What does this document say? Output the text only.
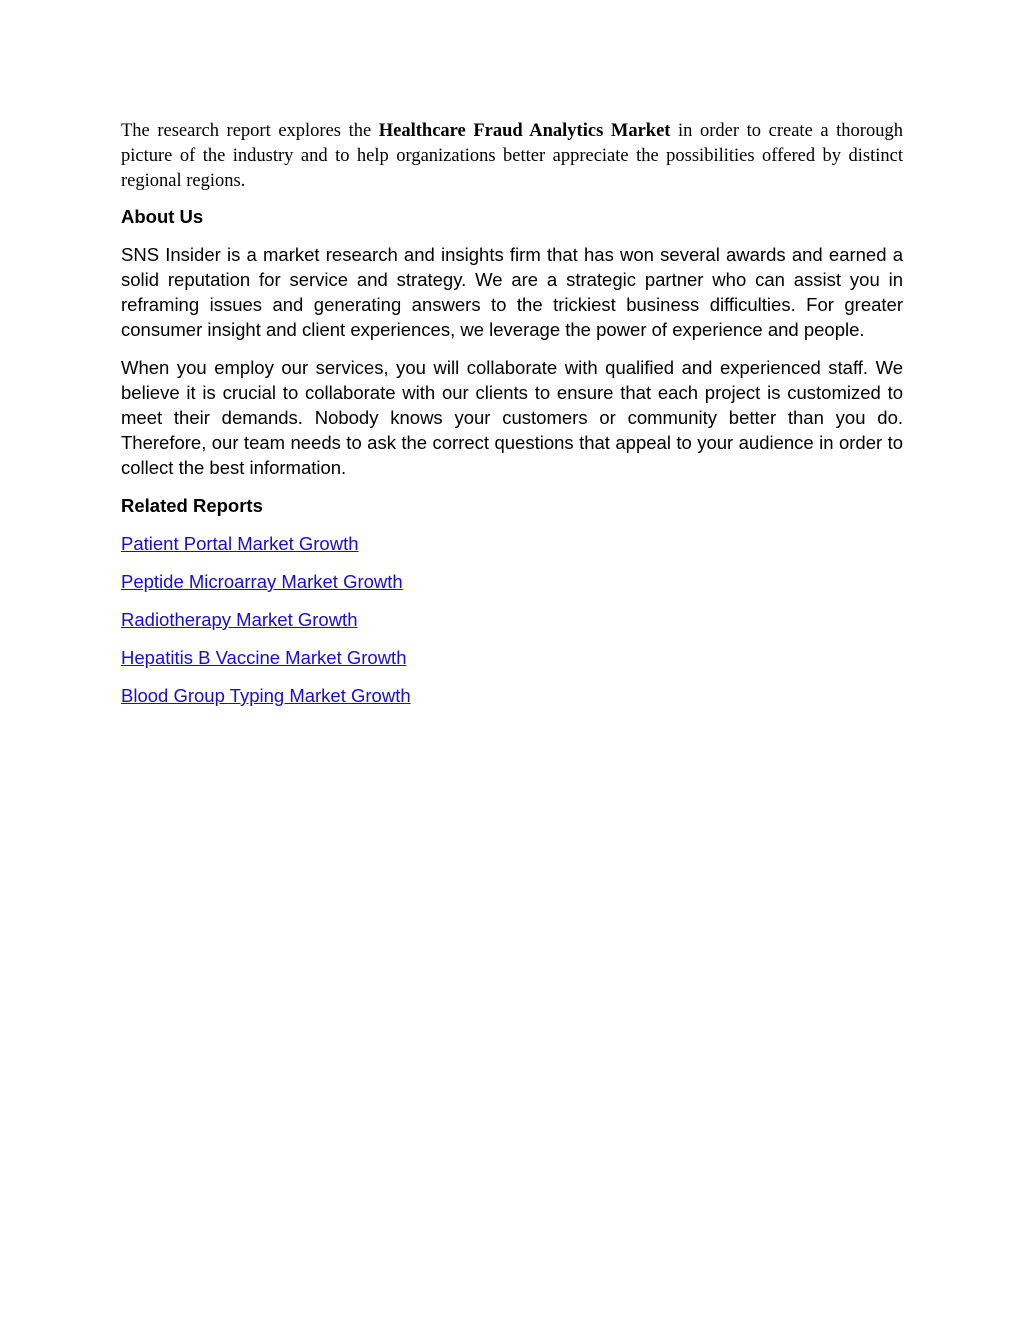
The research report explores the Healthcare Fraud Analytics Market in order to create a thorough picture of the industry and to help organizations better appreciate the possibilities offered by distinct regional regions.

About Us

SNS Insider is a market research and insights firm that has won several awards and earned a solid reputation for service and strategy. We are a strategic partner who can assist you in reframing issues and generating answers to the trickiest business difficulties. For greater consumer insight and client experiences, we leverage the power of experience and people.

When you employ our services, you will collaborate with qualified and experienced staff. We believe it is crucial to collaborate with our clients to ensure that each project is customized to meet their demands. Nobody knows your customers or community better than you do. Therefore, our team needs to ask the correct questions that appeal to your audience in order to collect the best information.

Related Reports
Patient Portal Market Growth
Peptide Microarray Market Growth
Radiotherapy Market Growth
Hepatitis B Vaccine Market Growth
Blood Group Typing Market Growth
